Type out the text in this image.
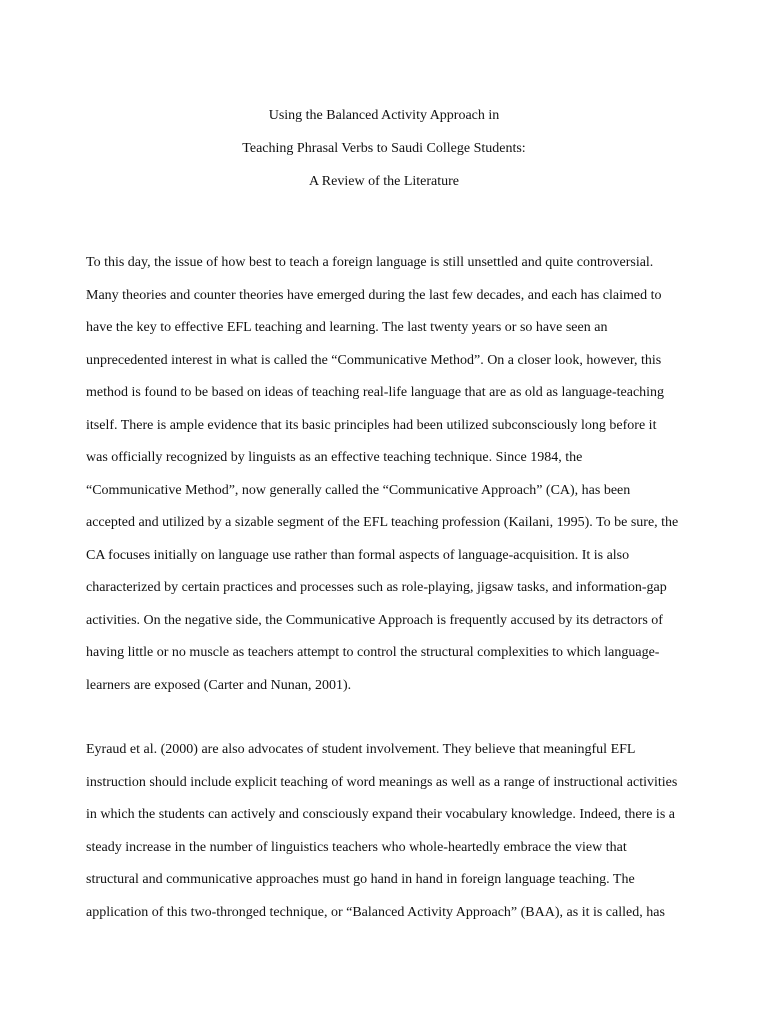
Using the Balanced Activity Approach in
Teaching Phrasal Verbs to Saudi College Students:
A Review of the Literature
To this day, the issue of how best to teach a foreign language is still unsettled and quite controversial.
Many theories and counter theories have emerged during the last few decades, and each has claimed to
have the key to effective EFL teaching and learning. The last twenty years or so have seen an
unprecedented interest in what is called the “Communicative Method”. On a closer look, however, this
method is found to be based on ideas of teaching real-life language that are as old as language-teaching
itself. There is ample evidence that its basic principles had been utilized subconsciously long before it
was officially recognized by linguists as an effective teaching technique. Since 1984, the
“Communicative Method”, now generally called the “Communicative Approach” (CA), has been
accepted and utilized by a sizable segment of the EFL teaching profession (Kailani, 1995). To be sure, the
CA focuses initially on language use rather than formal aspects of language-acquisition. It is also
characterized by certain practices and processes such as role-playing, jigsaw tasks, and information-gap
activities. On the negative side, the Communicative Approach is frequently accused by its detractors of
having little or no muscle as teachers attempt to control the structural complexities to which language-
learners are exposed (Carter and Nunan, 2001).
Eyraud et al. (2000) are also advocates of student involvement. They believe that meaningful EFL
instruction should include explicit teaching of word meanings as well as a range of instructional activities
in which the students can actively and consciously expand their vocabulary knowledge. Indeed, there is a
steady increase in the number of linguistics teachers who whole-heartedly embrace the view that
structural and communicative approaches must go hand in hand in foreign language teaching. The
application of this two-thronged technique, or “Balanced Activity Approach” (BAA), as it is called, has
